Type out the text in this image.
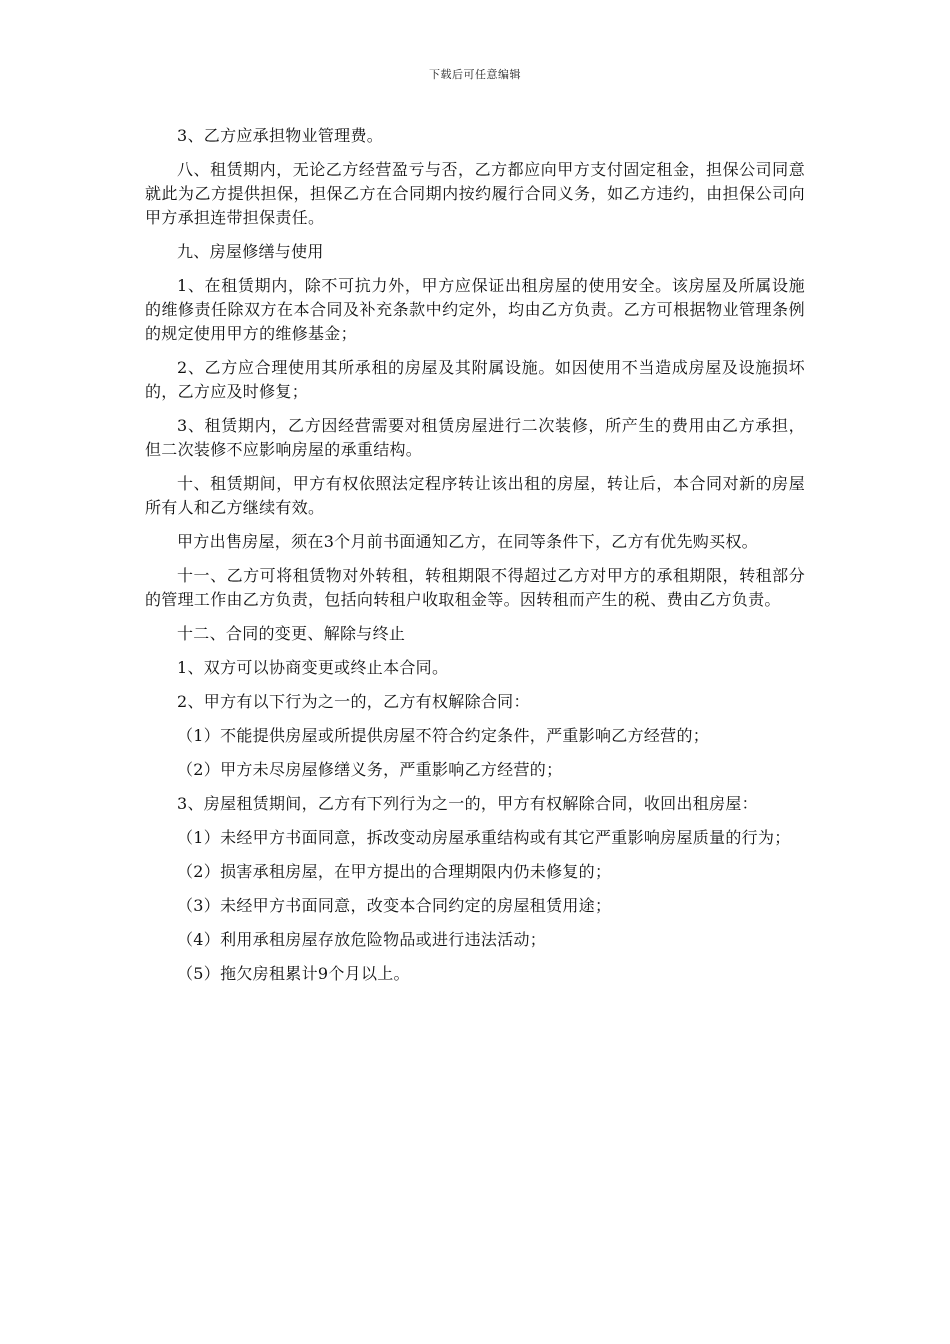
下载后可任意编辑

3、乙方应承担物业管理费。

八、租赁期内，无论乙方经营盈亏与否，乙方都应向甲方支付固定租金，担保公司同意就此为乙方提供担保，担保乙方在合同期内按约履行合同义务，如乙方违约，由担保公司向甲方承担连带担保责任。

九、房屋修缮与使用

1、在租赁期内，除不可抗力外，甲方应保证出租房屋的使用安全。该房屋及所属设施的维修责任除双方在本合同及补充条款中约定外，均由乙方负责。乙方可根据物业管理条例的规定使用甲方的维修基金；

2、乙方应合理使用其所承租的房屋及其附属设施。如因使用不当造成房屋及设施损坏的，乙方应及时修复；

3、租赁期内，乙方因经营需要对租赁房屋进行二次装修，所产生的费用由乙方承担，但二次装修不应影响房屋的承重结构。

十、租赁期间，甲方有权依照法定程序转让该出租的房屋，转让后，本合同对新的房屋所有人和乙方继续有效。

甲方出售房屋，须在3个月前书面通知乙方，在同等条件下，乙方有优先购买权。

十一、乙方可将租赁物对外转租，转租期限不得超过乙方对甲方的承租期限，转租部分的管理工作由乙方负责，包括向转租户收取租金等。因转租而产生的税、费由乙方负责。

十二、合同的变更、解除与终止

1、双方可以协商变更或终止本合同。

2、甲方有以下行为之一的，乙方有权解除合同：

（1）不能提供房屋或所提供房屋不符合约定条件，严重影响乙方经营的；

（2）甲方未尽房屋修缮义务，严重影响乙方经营的；

3、房屋租赁期间，乙方有下列行为之一的，甲方有权解除合同，收回出租房屋：

（1）未经甲方书面同意，拆改变动房屋承重结构或有其它严重影响房屋质量的行为；

（2）损害承租房屋，在甲方提出的合理期限内仍未修复的；

（3）未经甲方书面同意，改变本合同约定的房屋租赁用途；

（4）利用承租房屋存放危险物品或进行违法活动；

（5）拖欠房租累计9个月以上。
